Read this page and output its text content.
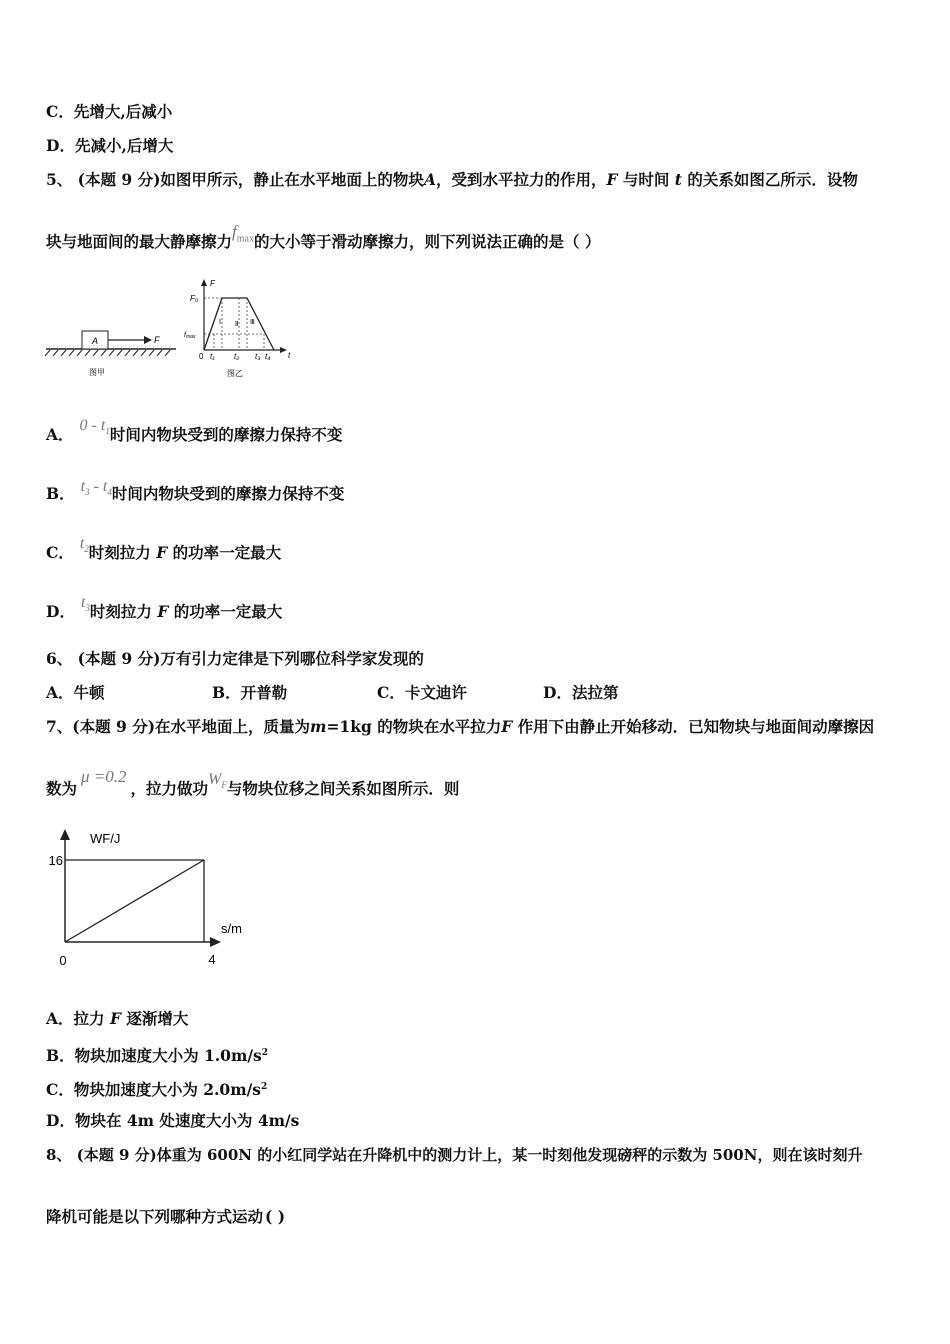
C．先增大,后减小
D．先减小,后增大
5、 (本题 9 分)如图甲所示，静止在水平地面上的物块A，受到水平拉力的作用，F 与时间 t 的关系如图乙所示．设物
块与地面间的最大静摩擦力$f_{max}$的大小等于滑动摩擦力，则下列说法正确的是（ ）
A	F
图甲
F
t
F₀
fmax
0 t₁ t₂ t₃ t₄
Ⅰ Ⅱ Ⅲ
图乙
A． $0 - t_1$时间内物块受到的摩擦力保持不变
B． $t_3 - t_4$时间内物块受到的摩擦力保持不变
C． $t_2$时刻拉力 F 的功率一定最大
D． $t_3$时刻拉力 F 的功率一定最大
6、 (本题 9 分)万有引力定律是下列哪位科学家发现的
A．牛顿	B．开普勒	C．卡文迪许	D．法拉第
7、(本题 9 分)在水平地面上，质量为m=1kg 的物块在水平拉力F 作用下由静止开始移动．已知物块与地面间动摩擦因
数为μ =0.2，拉力做功$W_F$与物块位移之间关系如图所示．则
WF/J
s/m
16
0	4
A．拉力 F 逐渐增大
B．物块加速度大小为 $1.0m/s^2$
C．物块加速度大小为 $2.0m/s^2$
D．物块在 4m 处速度大小为 4m/s
8、 (本题 9 分)体重为 600N 的小红同学站在升降机中的测力计上，某一时刻他发现磅秤的示数为 500N，则在该时刻升
降机可能是以下列哪种方式运动 ( )
